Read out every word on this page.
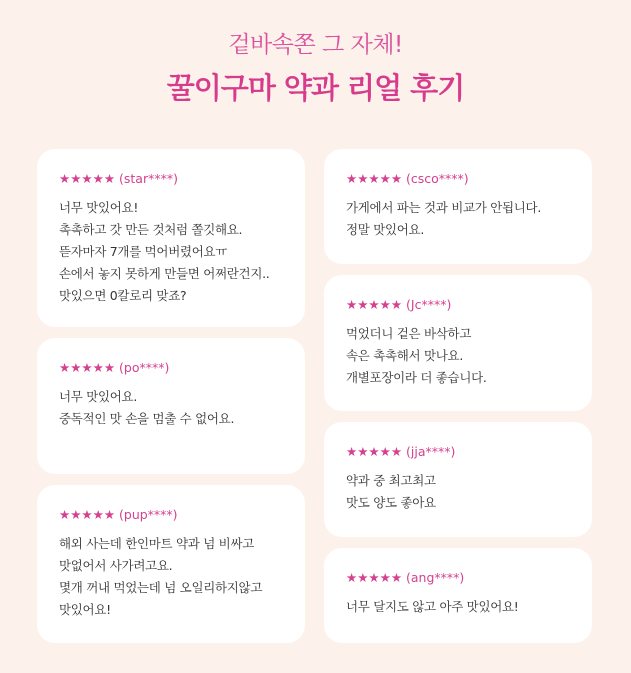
겉바속쫀 그 자체!
꿀이구마 약과 리얼 후기
★★★★★ (star****)
너무 맛있어요!
촉촉하고 갓 만든 것처럼 쫄깃해요.
뜯자마자 7개를 먹어버렸어요ㅠ
손에서 놓지 못하게 만들면 어쩌란건지..
맛있으면 0칼로리 맞죠?
★★★★★ (po****)
너무 맛있어요.
중독적인 맛 손을 멈출 수 없어요.
★★★★★ (pup****)
해외 사는데 한인마트 약과 넘 비싸고
맛없어서 사가려고요.
몇개 꺼내 먹었는데 넘 오일리하지않고
맛있어요!
★★★★★ (csco****)
가게에서 파는 것과 비교가 안됩니다.
정말 맛있어요.
★★★★★ (Jc****)
먹었더니 겉은 바삭하고
속은 촉촉해서 맛나요.
개별포장이라 더 좋습니다.
★★★★★ (jja****)
약과 중 최고최고
맛도 양도 좋아요
★★★★★ (ang****)
너무 달지도 않고 아주 맛있어요!
